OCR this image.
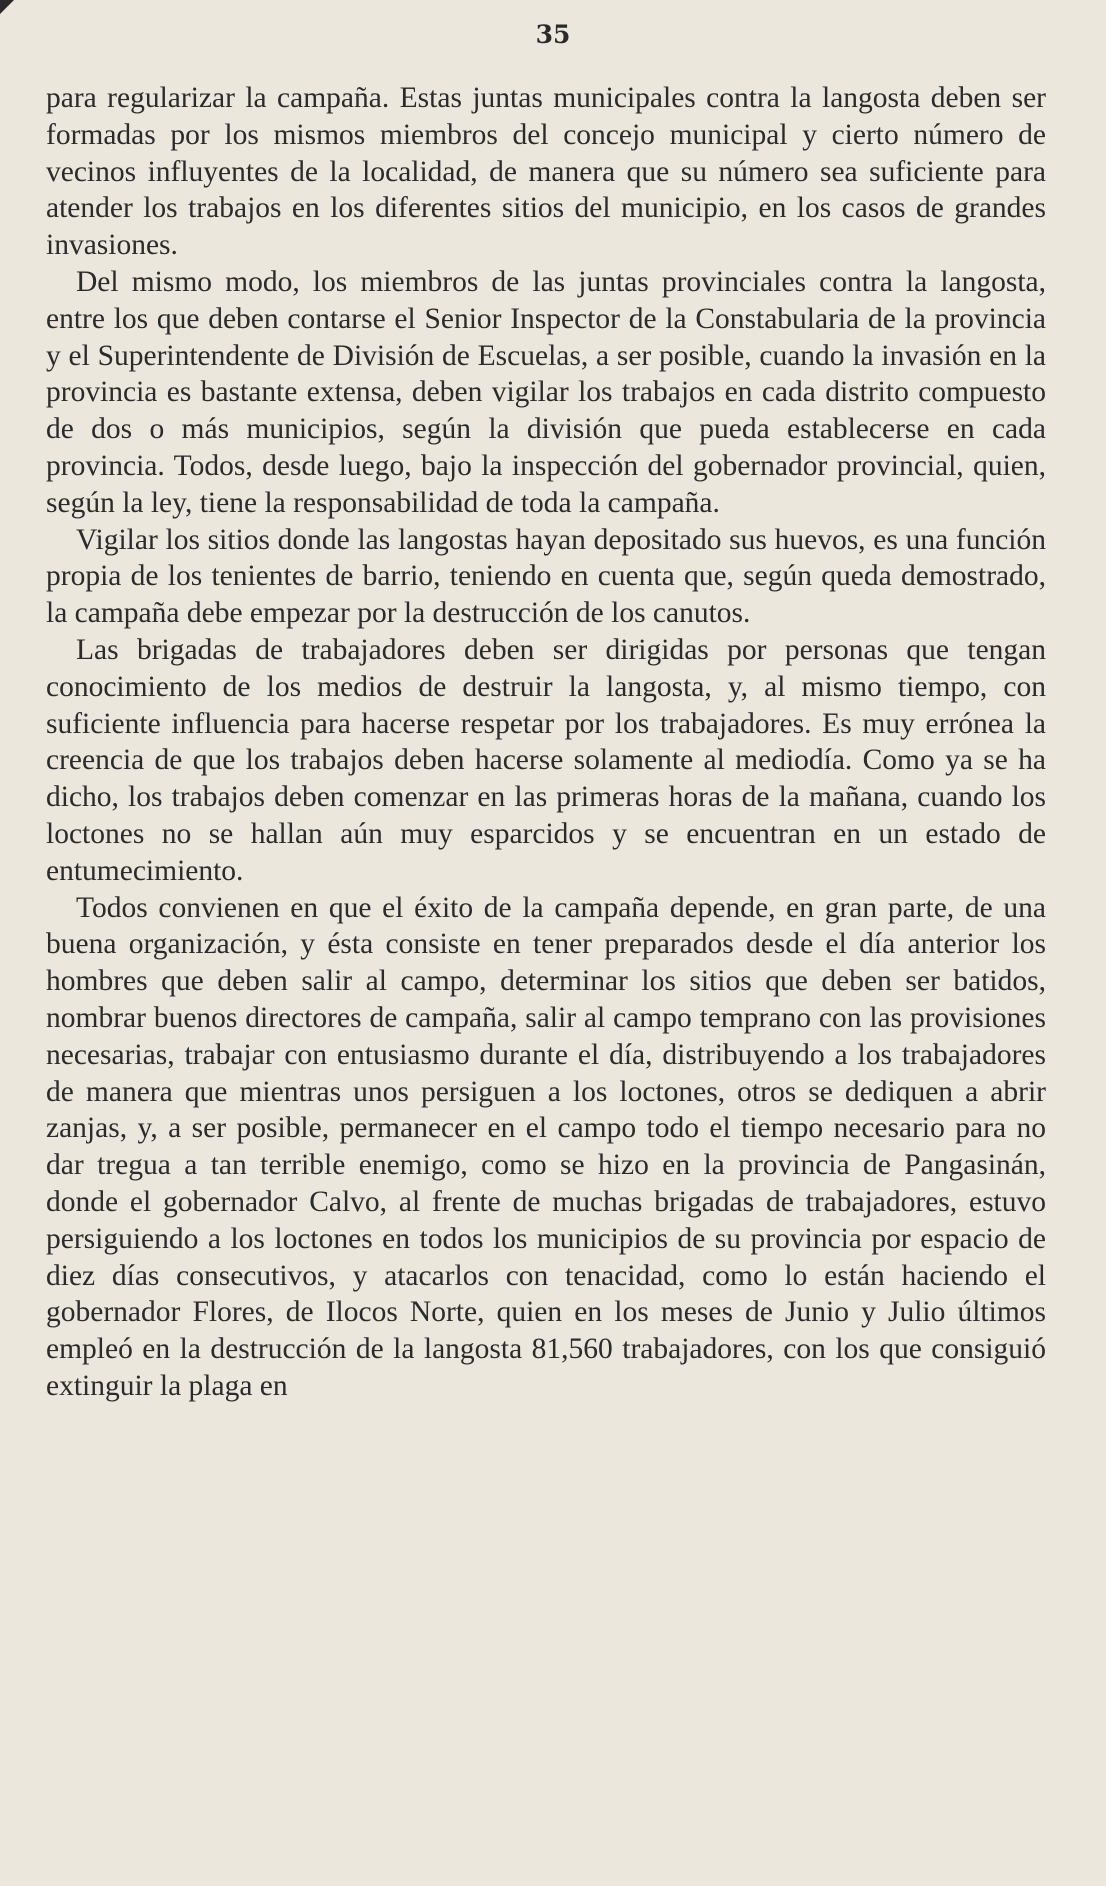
35

para regularizar la campaña. Estas juntas municipales contra la langosta deben ser formadas por los mismos miembros del concejo municipal y cierto número de vecinos influyentes de la localidad, de manera que su número sea suficiente para atender los trabajos en los diferentes sitios del municipio, en los casos de grandes invasiones.

Del mismo modo, los miembros de las juntas provinciales contra la langosta, entre los que deben contarse el Senior Inspector de la Constabularia de la provincia y el Superintendente de División de Escuelas, a ser posible, cuando la invasión en la provincia es bastante extensa, deben vigilar los trabajos en cada distrito compuesto de dos o más municipios, según la división que pueda establecerse en cada provincia. Todos, desde luego, bajo la inspección del gobernador provincial, quien, según la ley, tiene la responsabilidad de toda la campaña.

Vigilar los sitios donde las langostas hayan depositado sus huevos, es una función propia de los tenientes de barrio, teniendo en cuenta que, según queda demostrado, la campaña debe empezar por la destrucción de los canutos.

Las brigadas de trabajadores deben ser dirigidas por personas que tengan conocimiento de los medios de destruir la langosta, y, al mismo tiempo, con suficiente influencia para hacerse respetar por los trabajadores. Es muy errónea la creencia de que los trabajos deben hacerse solamente al mediodía. Como ya se ha dicho, los trabajos deben comenzar en las primeras horas de la mañana, cuando los loctones no se hallan aún muy esparcidos y se encuentran en un estado de entumecimiento.

Todos convienen en que el éxito de la campaña depende, en gran parte, de una buena organización, y ésta consiste en tener preparados desde el día anterior los hombres que deben salir al campo, determinar los sitios que deben ser batidos, nombrar buenos directores de campaña, salir al campo temprano con las provisiones necesarias, trabajar con entusiasmo durante el día, distribuyendo a los trabajadores de manera que mientras unos persiguen a los loctones, otros se dediquen a abrir zanjas, y, a ser posible, permanecer en el campo todo el tiempo necesario para no dar tregua a tan terrible enemigo, como se hizo en la provincia de Pangasinán, donde el gobernador Calvo, al frente de muchas brigadas de trabajadores, estuvo persiguiendo a los loctones en todos los municipios de su provincia por espacio de diez días consecutivos, y atacarlos con tenacidad, como lo están haciendo el gobernador Flores, de Ilocos Norte, quien en los meses de Junio y Julio últimos empleó en la destrucción de la langosta 81,560 trabajadores, con los que consiguió extinguir la plaga en
